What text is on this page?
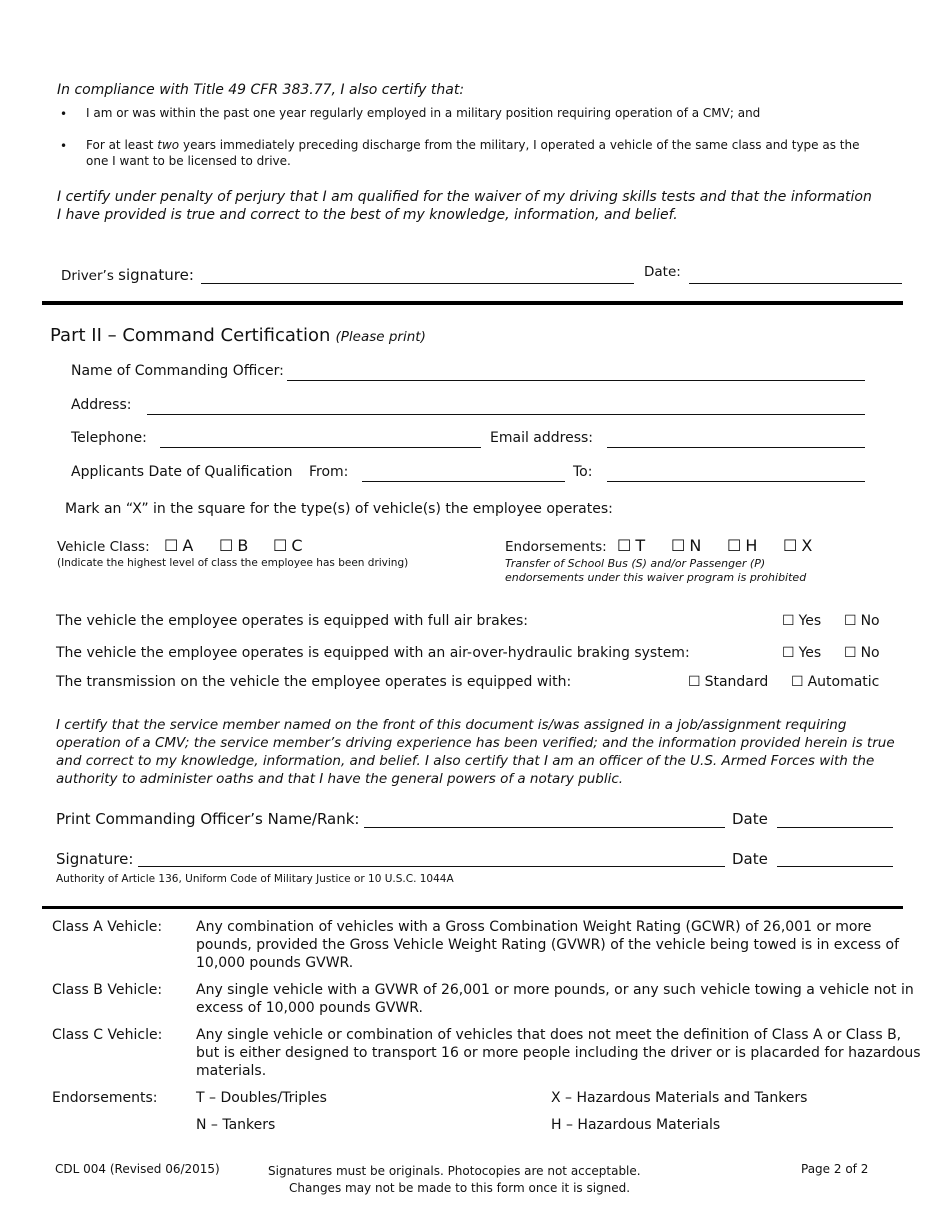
In compliance with Title 49 CFR 383.77, I also certify that:
• I am or was within the past one year regularly employed in a military position requiring operation of a CMV; and
• For at least two years immediately preceding discharge from the military, I operated a vehicle of the same class and type as the
one I want to be licensed to drive.
I certify under penalty of perjury that I am qualified for the waiver of my driving skills tests and that the information
I have provided is true and correct to the best of my knowledge, information, and belief.
Driver’s signature:	Date:
Part II – Command Certification (Please print)
Name of Commanding Officer:
Address:
Telephone:	Email address:
Applicants Date of Qualification From:	To:
Mark an “X” in the square for the type(s) of vehicle(s) the employee operates:
Vehicle Class: ☐ A ☐ B ☐ C
(Indicate the highest level of class the employee has been driving)
Endorsements: ☐ T ☐ N ☐ H ☐ X
Transfer of School Bus (S) and/or Passenger (P)
endorsements under this waiver program is prohibited
The vehicle the employee operates is equipped with full air brakes:	☐ Yes ☐ No
The vehicle the employee operates is equipped with an air-over-hydraulic braking system:	☐ Yes ☐ No
The transmission on the vehicle the employee operates is equipped with:	☐ Standard ☐ Automatic
I certify that the service member named on the front of this document is/was assigned in a job/assignment requiring
operation of a CMV; the service member’s driving experience has been verified; and the information provided herein is true
and correct to my knowledge, information, and belief. I also certify that I am an officer of the U.S. Armed Forces with the
authority to administer oaths and that I have the general powers of a notary public.
Print Commanding Officer’s Name/Rank:	Date
Signature:	Date
Authority of Article 136, Uniform Code of Military Justice or 10 U.S.C. 1044A
Class A Vehicle: Any combination of vehicles with a Gross Combination Weight Rating (GCWR) of 26,001 or more
pounds, provided the Gross Vehicle Weight Rating (GVWR) of the vehicle being towed is in excess of
10,000 pounds GVWR.
Class B Vehicle: Any single vehicle with a GVWR of 26,001 or more pounds, or any such vehicle towing a vehicle not in
excess of 10,000 pounds GVWR.
Class C Vehicle: Any single vehicle or combination of vehicles that does not meet the definition of Class A or Class B,
but is either designed to transport 16 or more people including the driver or is placarded for hazardous
materials.
Endorsements:	T – Doubles/Triples	X – Hazardous Materials and Tankers
N – Tankers	H – Hazardous Materials
CDL 004 (Revised 06/2015)	Signatures must be originals. Photocopies are not acceptable.
Changes may not be made to this form once it is signed.
Page 2 of 2
